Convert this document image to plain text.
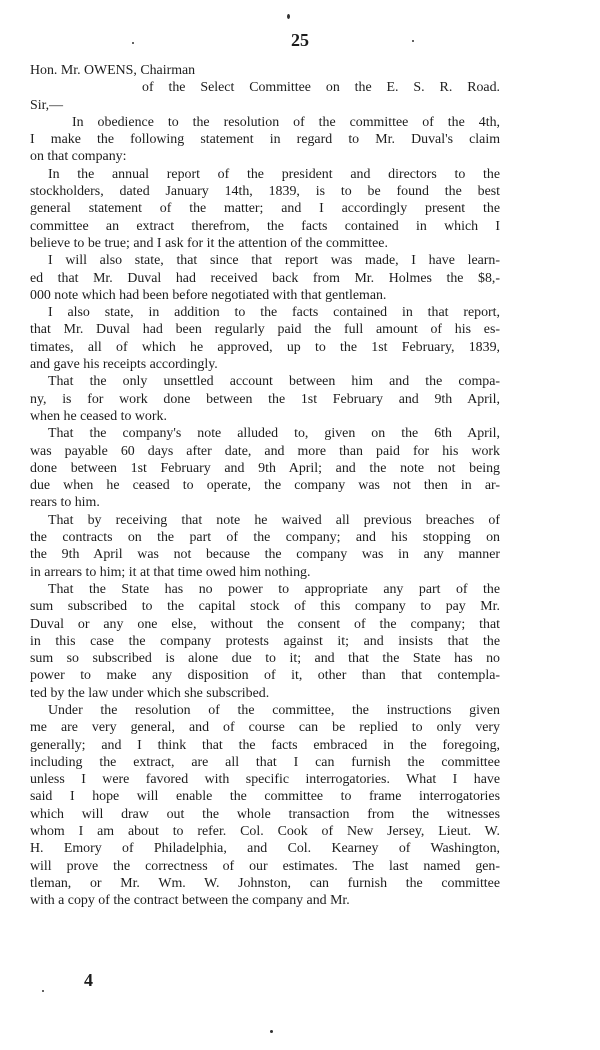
25
Hon. Mr. OWENS, Chairman
of the Select Committee on the E. S. R. Road.
Sir,—
In obedience to the resolution of the committee of the 4th,
I make the following statement in regard to Mr. Duval's claim
on that company:
In the annual report of the president and directors to the
stockholders, dated January 14th, 1839, is to be found the best
general statement of the matter; and I accordingly present the
committee an extract therefrom, the facts contained in which I
believe to be true; and I ask for it the attention of the committee.
I will also state, that since that report was made, I have learn-
ed that Mr. Duval had received back from Mr. Holmes the $8,-
000 note which had been before negotiated with that gentleman.
I also state, in addition to the facts contained in that report,
that Mr. Duval had been regularly paid the full amount of his es-
timates, all of which he approved, up to the 1st February, 1839,
and gave his receipts accordingly.
That the only unsettled account between him and the compa-
ny, is for work done between the 1st February and 9th April,
when he ceased to work.
That the company's note alluded to, given on the 6th April,
was payable 60 days after date, and more than paid for his work
done between 1st February and 9th April; and the note not being
due when he ceased to operate, the company was not then in ar-
rears to him.
That by receiving that note he waived all previous breaches of
the contracts on the part of the company; and his stopping on
the 9th April was not because the company was in any manner
in arrears to him; it at that time owed him nothing.
That the State has no power to appropriate any part of the
sum subscribed to the capital stock of this company to pay Mr.
Duval or any one else, without the consent of the company; that
in this case the company protests against it; and insists that the
sum so subscribed is alone due to it; and that the State has no
power to make any disposition of it, other than that contempla-
ted by the law under which she subscribed.
Under the resolution of the committee, the instructions given
me are very general, and of course can be replied to only very
generally; and I think that the facts embraced in the foregoing,
including the extract, are all that I can furnish the committee
unless I were favored with specific interrogatories. What I have
said I hope will enable the committee to frame interrogatories
which will draw out the whole transaction from the witnesses
whom I am about to refer. Col. Cook of New Jersey, Lieut. W.
H. Emory of Philadelphia, and Col. Kearney of Washington,
will prove the correctness of our estimates. The last named gen-
tleman, or Mr. Wm. W. Johnston, can furnish the committee
with a copy of the contract between the company and Mr.
4
